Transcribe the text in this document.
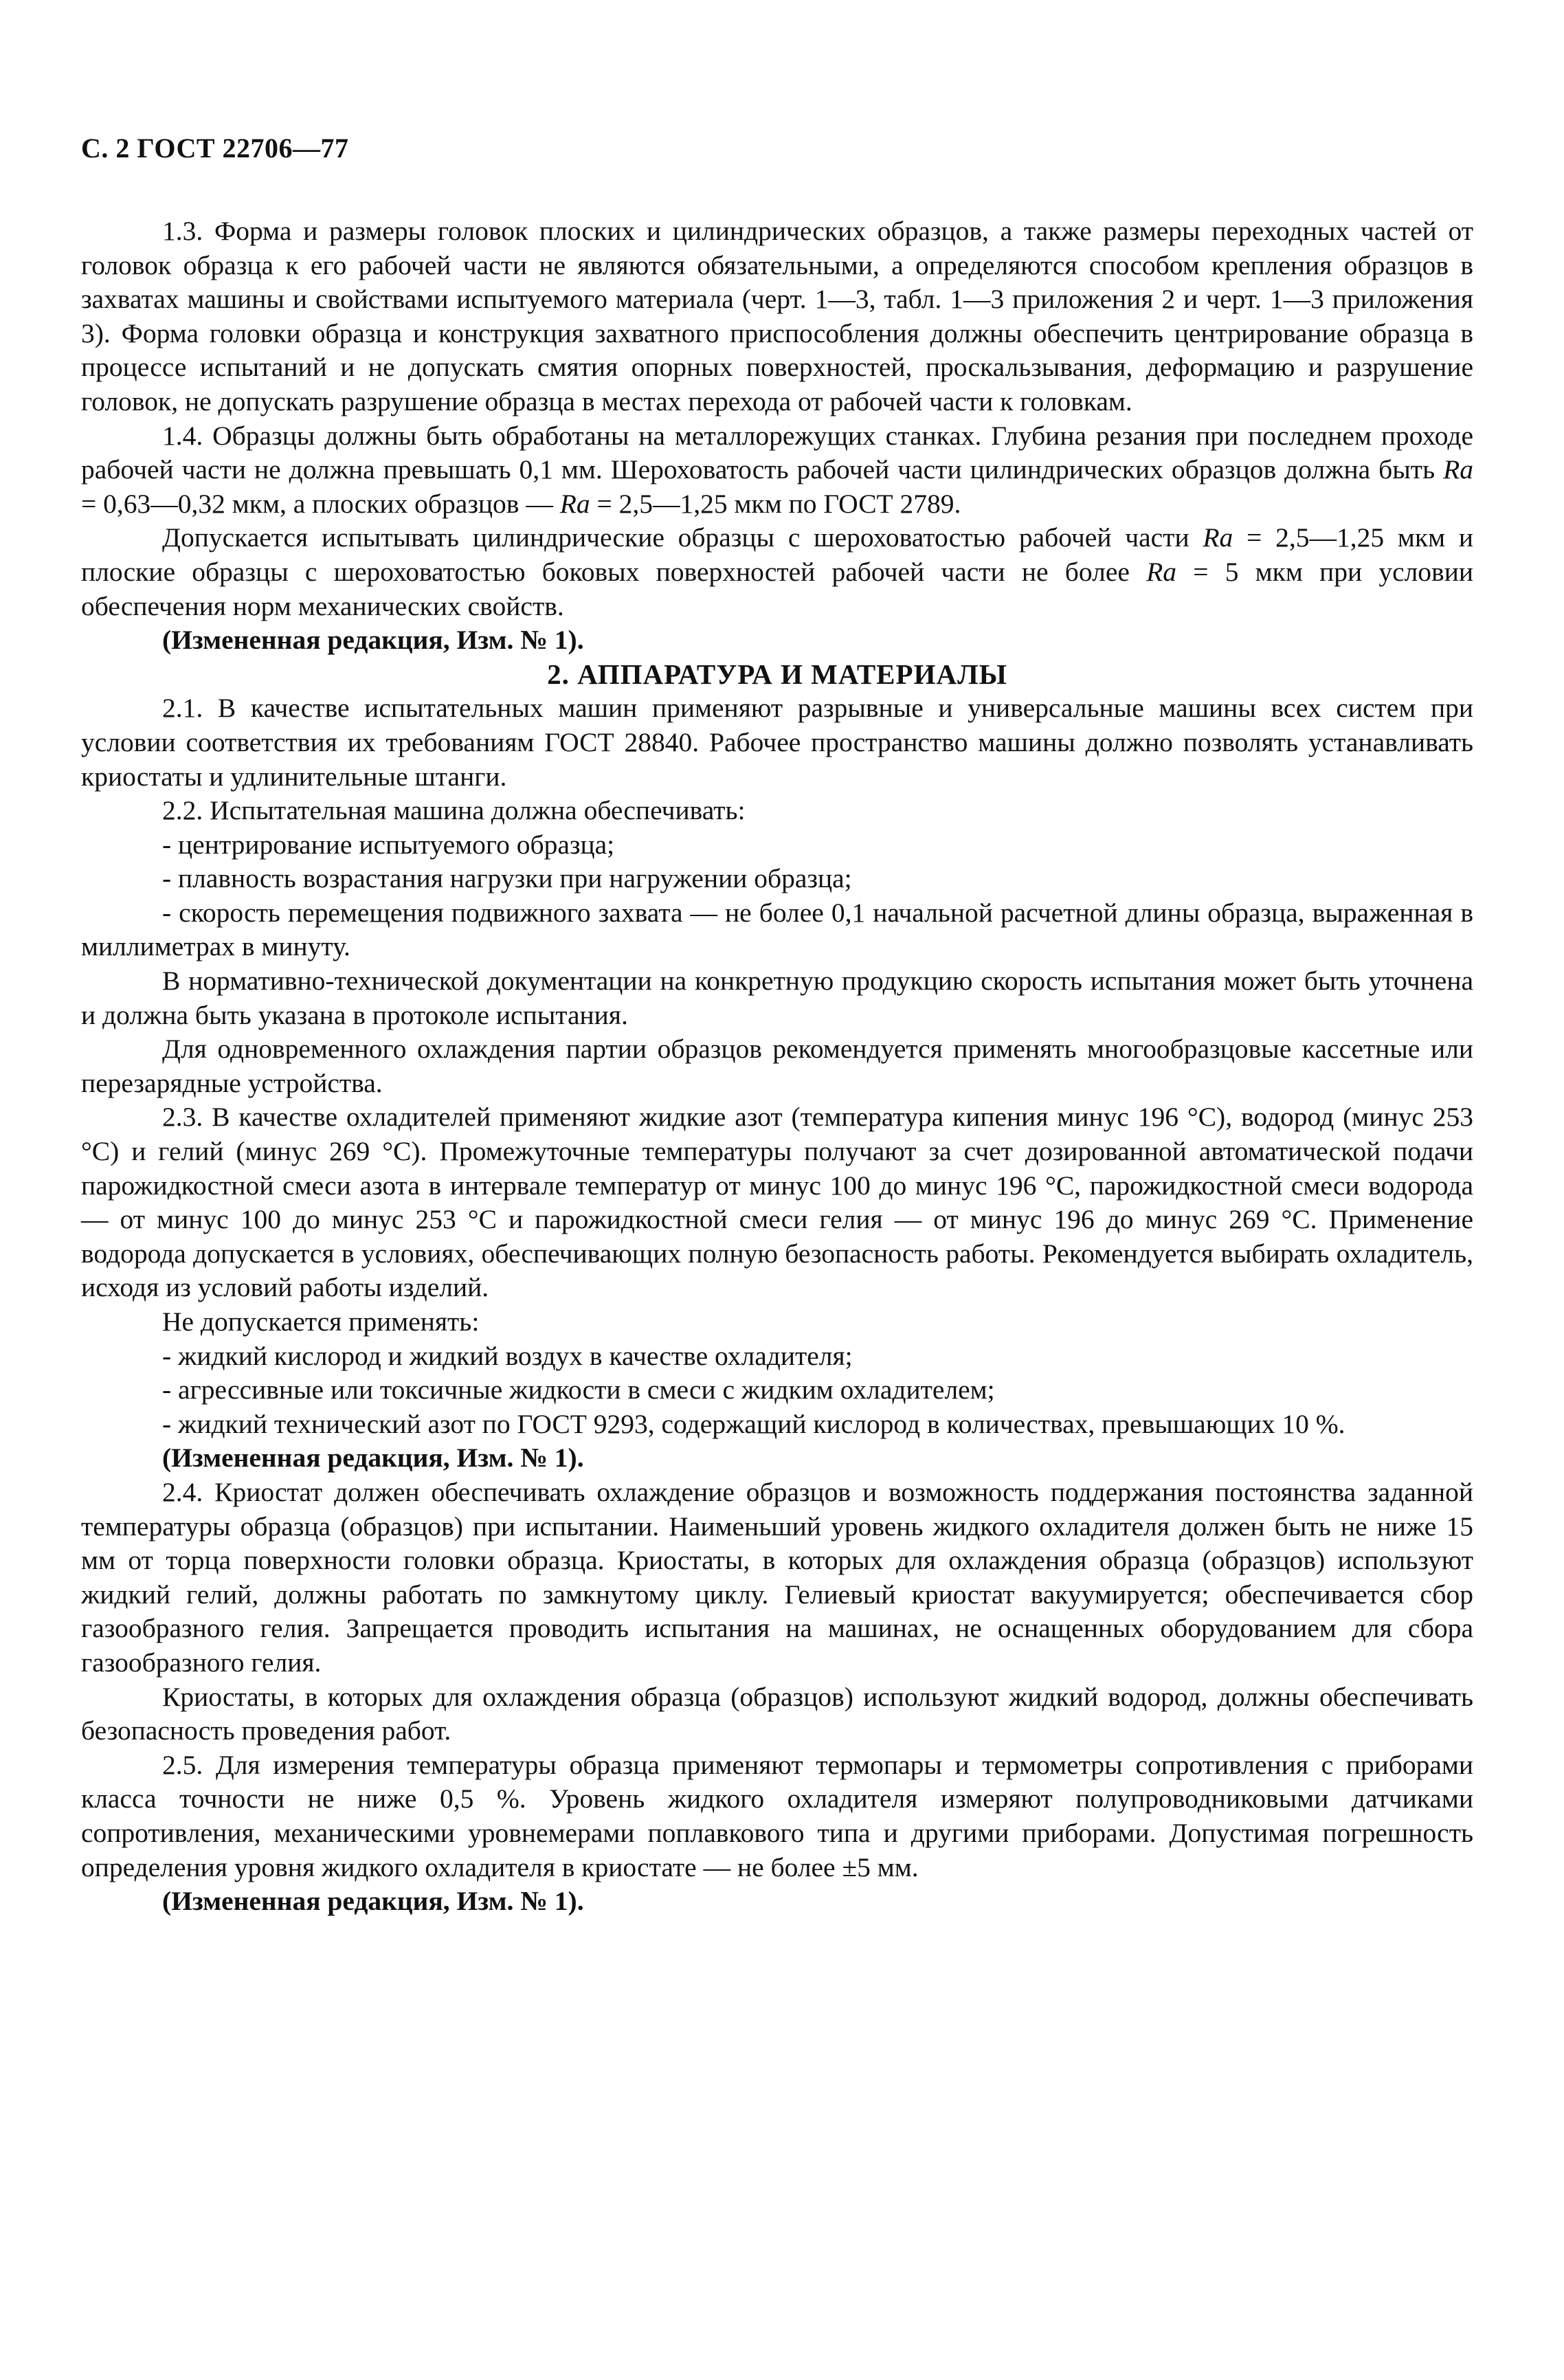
С. 2 ГОСТ 22706—77

1.3. Форма и размеры головок плоских и цилиндрических образцов, а также размеры переходных частей от головок образца к его рабочей части не являются обязательными, а определяются способом крепления образцов в захватах машины и свойствами испытуемого материала (черт. 1—3, табл. 1—3 приложения 2 и черт. 1—3 приложения 3). Форма головки образца и конструкция захватного приспособления должны обеспечить центрирование образца в процессе испытаний и не допускать смятия опорных поверхностей, проскальзывания, деформацию и разрушение головок, не допускать разрушение образца в местах перехода от рабочей части к головкам.

1.4. Образцы должны быть обработаны на металлорежущих станках. Глубина резания при последнем проходе рабочей части не должна превышать 0,1 мм. Шероховатость рабочей части цилиндрических образцов должна быть Ra = 0,63—0,32 мкм, а плоских образцов — Ra = 2,5—1,25 мкм по ГОСТ 2789.

Допускается испытывать цилиндрические образцы с шероховатостью рабочей части Ra = 2,5—1,25 мкм и плоские образцы с шероховатостью боковых поверхностей рабочей части не более Ra = 5 мкм при условии обеспечения норм механических свойств.

(Измененная редакция, Изм. № 1).

2. АППАРАТУРА И МАТЕРИАЛЫ

2.1. В качестве испытательных машин применяют разрывные и универсальные машины всех систем при условии соответствия их требованиям ГОСТ 28840. Рабочее пространство машины должно позволять устанавливать криостаты и удлинительные штанги.

2.2. Испытательная машина должна обеспечивать:

- центрирование испытуемого образца;

- плавность возрастания нагрузки при нагружении образца;

- скорость перемещения подвижного захвата — не более 0,1 начальной расчетной длины образца, выраженная в миллиметрах в минуту.

В нормативно-технической документации на конкретную продукцию скорость испытания может быть уточнена и должна быть указана в протоколе испытания.

Для одновременного охлаждения партии образцов рекомендуется применять многообразцовые кассетные или перезарядные устройства.

2.3. В качестве охладителей применяют жидкие азот (температура кипения минус 196 °С), водород (минус 253 °С) и гелий (минус 269 °С). Промежуточные температуры получают за счет дозированной автоматической подачи парожидкостной смеси азота в интервале температур от минус 100 до минус 196 °С, парожидкостной смеси водорода — от минус 100 до минус 253 °С и парожидкостной смеси гелия — от минус 196 до минус 269 °С. Применение водорода допускается в условиях, обеспечивающих полную безопасность работы. Рекомендуется выбирать охладитель, исходя из условий работы изделий.

Не допускается применять:

- жидкий кислород и жидкий воздух в качестве охладителя;

- агрессивные или токсичные жидкости в смеси с жидким охладителем;

- жидкий технический азот по ГОСТ 9293, содержащий кислород в количествах, превышающих 10 %.

(Измененная редакция, Изм. № 1).

2.4. Криостат должен обеспечивать охлаждение образцов и возможность поддержания постоянства заданной температуры образца (образцов) при испытании. Наименьший уровень жидкого охладителя должен быть не ниже 15 мм от торца поверхности головки образца. Криостаты, в которых для охлаждения образца (образцов) используют жидкий гелий, должны работать по замкнутому циклу. Гелиевый криостат вакуумируется; обеспечивается сбор газообразного гелия. Запрещается проводить испытания на машинах, не оснащенных оборудованием для сбора газообразного гелия.

Криостаты, в которых для охлаждения образца (образцов) используют жидкий водород, должны обеспечивать безопасность проведения работ.

2.5. Для измерения температуры образца применяют термопары и термометры сопротивления с приборами класса точности не ниже 0,5 %. Уровень жидкого охладителя измеряют полупроводниковыми датчиками сопротивления, механическими уровнемерами поплавкового типа и другими приборами. Допустимая погрешность определения уровня жидкого охладителя в криостате — не более ±5 мм.

(Измененная редакция, Изм. № 1).
